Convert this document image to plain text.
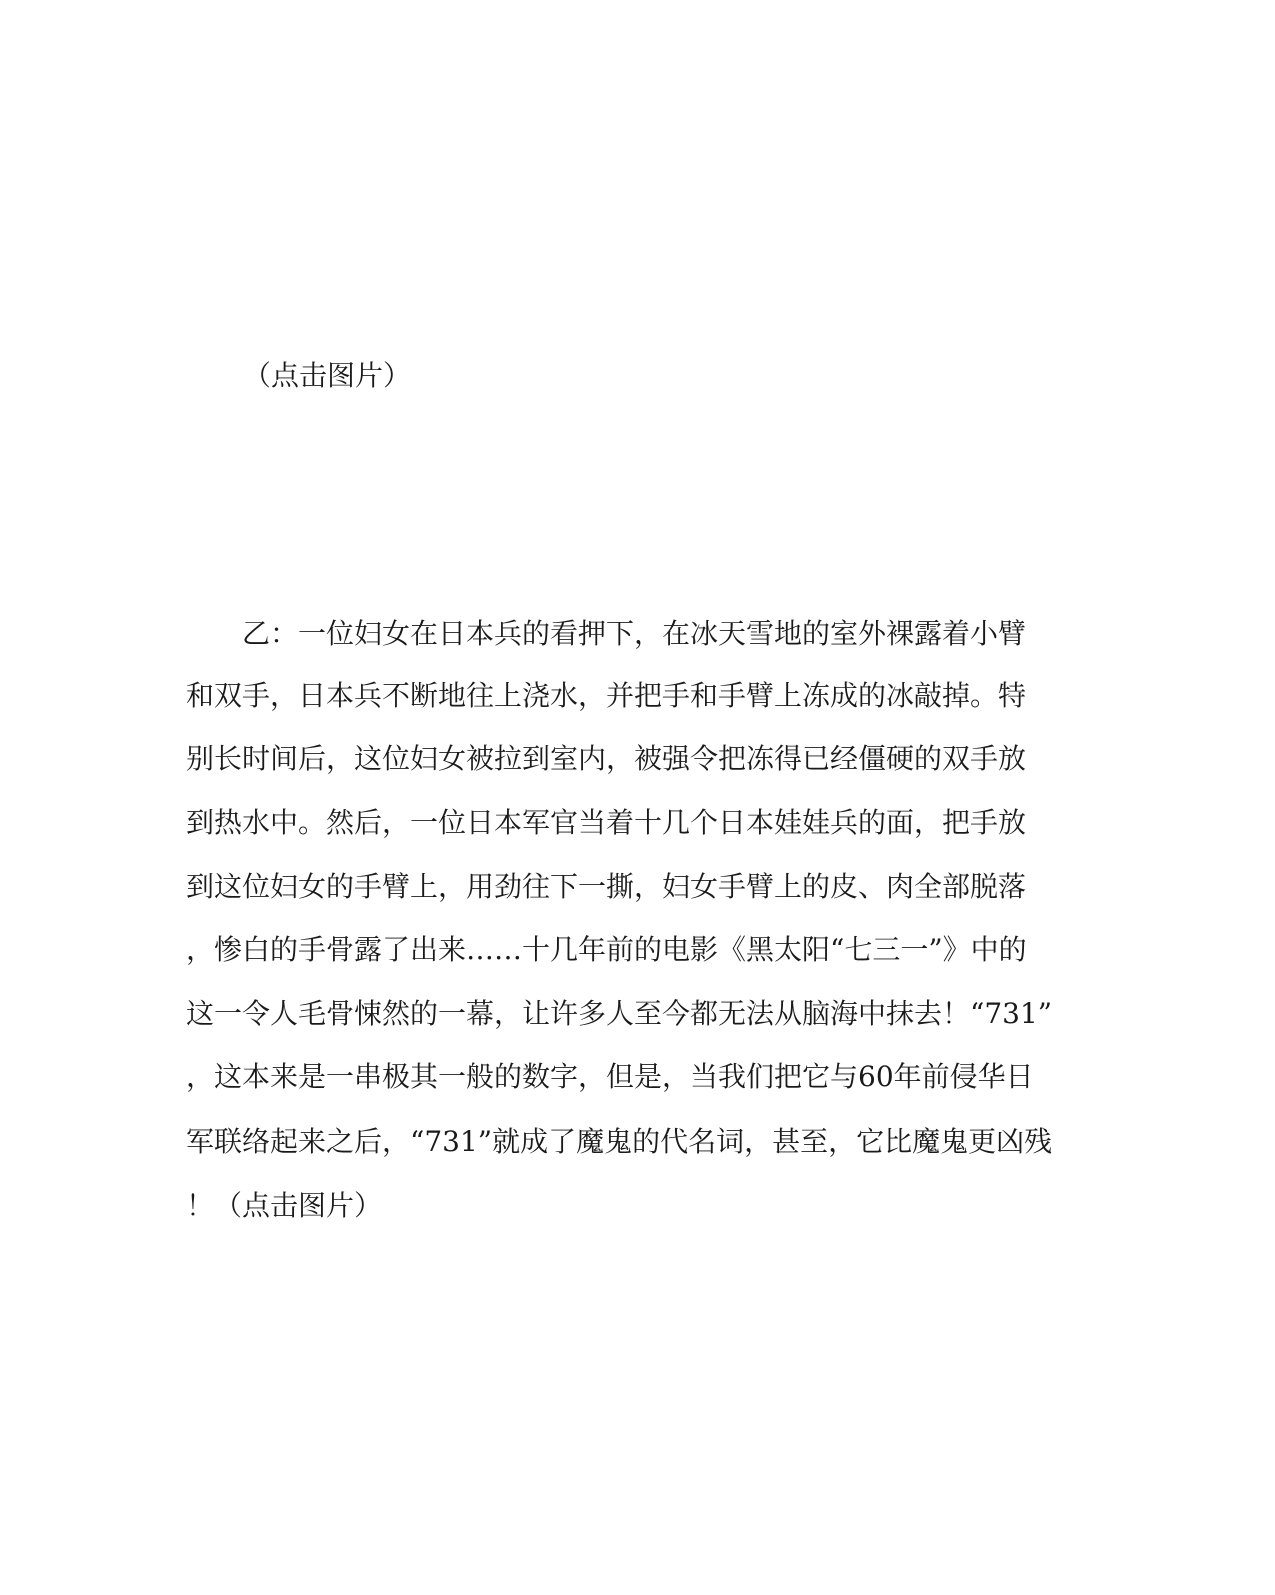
（点击图片）
　　乙：一位妇女在日本兵的看押下，在冰天雪地的室外裸露着小臂
和双手，日本兵不断地往上浇水，并把手和手臂上冻成的冰敲掉。特
别长时间后，这位妇女被拉到室内，被强令把冻得已经僵硬的双手放
到热水中。然后，一位日本军官当着十几个日本娃娃兵的面，把手放
到这位妇女的手臂上，用劲往下一撕，妇女手臂上的皮、肉全部脱落
，惨白的手骨露了出来……十几年前的电影《黑太阳“七三一”》中的
这一令人毛骨悚然的一幕，让许多人至今都无法从脑海中抹去！“731”
，这本来是一串极其一般的数字，但是，当我们把它与60年前侵华日
军联络起来之后，“731”就成了魔鬼的代名词，甚至，它比魔鬼更凶残
！（点击图片）
